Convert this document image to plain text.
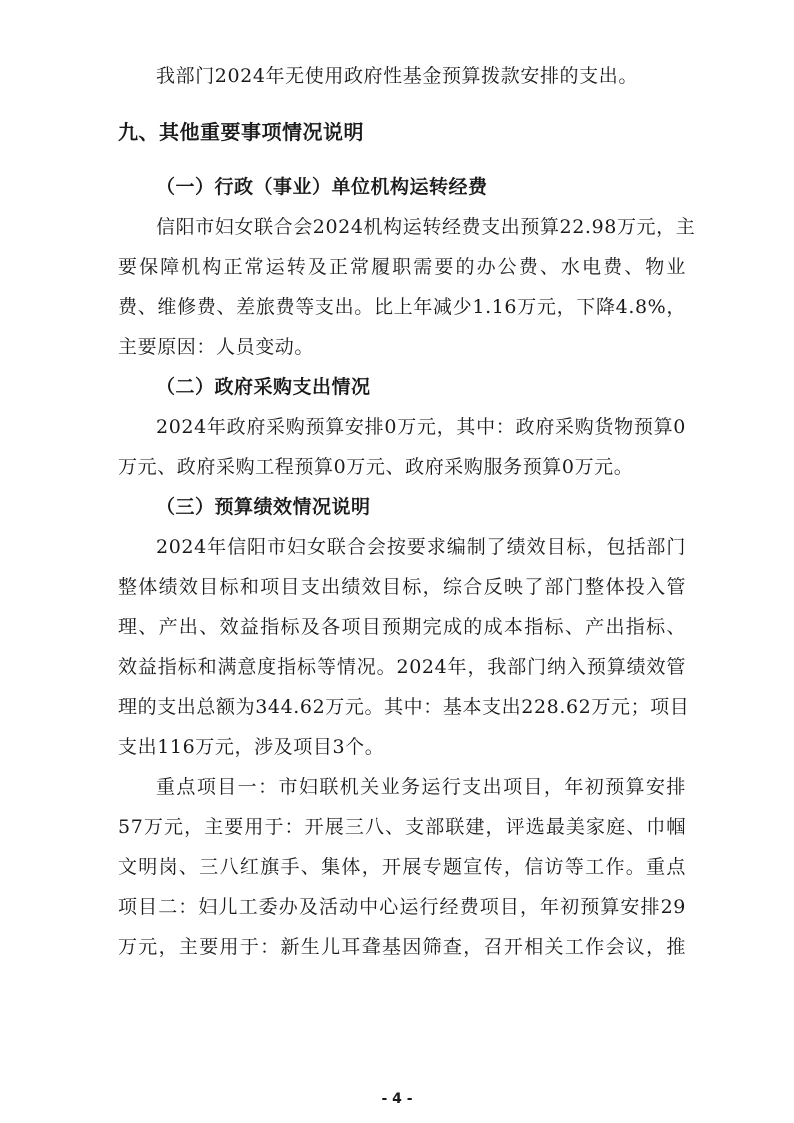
我部门2024年无使用政府性基金预算拨款安排的支出。
九、其他重要事项情况说明
（一）行政（事业）单位机构运转经费
信阳市妇女联合会2024机构运转经费支出预算22.98万元，主
要保障机构正常运转及正常履职需要的办公费、水电费、物业
费、维修费、差旅费等支出。比上年减少1.16万元，下降4.8%，
主要原因：人员变动。
（二）政府采购支出情况
2024年政府采购预算安排0万元，其中：政府采购货物预算0
万元、政府采购工程预算0万元、政府采购服务预算0万元。
（三）预算绩效情况说明
2024年信阳市妇女联合会按要求编制了绩效目标，包括部门
整体绩效目标和项目支出绩效目标，综合反映了部门整体投入管
理、产出、效益指标及各项目预期完成的成本指标、产出指标、
效益指标和满意度指标等情况。2024年，我部门纳入预算绩效管
理的支出总额为344.62万元。其中：基本支出228.62万元；项目
支出116万元，涉及项目3个。
重点项目一：市妇联机关业务运行支出项目，年初预算安排
57万元，主要用于：开展三八、支部联建，评选最美家庭、巾帼
文明岗、三八红旗手、集体，开展专题宣传，信访等工作。重点
项目二：妇儿工委办及活动中心运行经费项目，年初预算安排29
万元，主要用于：新生儿耳聋基因筛查，召开相关工作会议，推
- 4 -
